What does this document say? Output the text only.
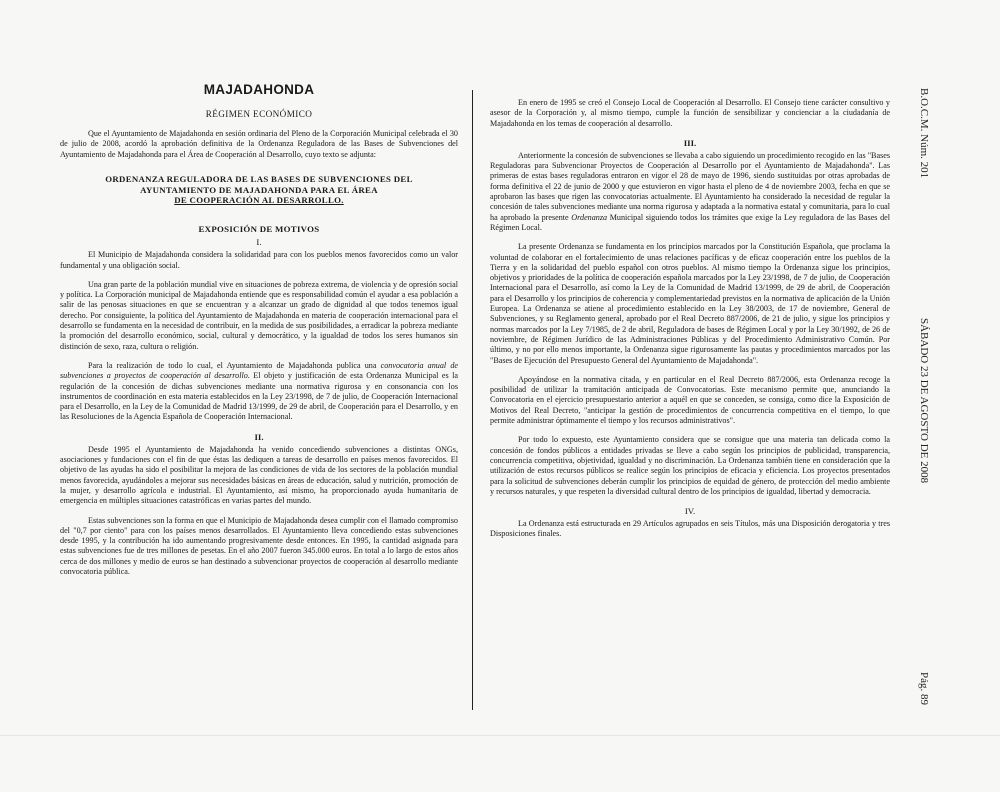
MAJADAHONDA
RÉGIMEN ECONÓMICO

Que el Ayuntamiento de Majadahonda en sesión ordinaria del Pleno de la Corporación Municipal celebrada el 30 de julio de 2008, acordó la aprobación definitiva de la Ordenanza Reguladora de las Bases de Subvenciones del Ayuntamiento de Majadahonda para el Área de Cooperación al Desarrollo, cuyo texto se adjunta:

ORDENANZA REGULADORA DE LAS BASES DE SUBVENCIONES DEL
AYUNTAMIENTO DE MAJADAHONDA PARA EL ÁREA
DE COOPERACIÓN AL DESARROLLO.
EXPOSICIÓN DE MOTIVOS
I.

El Municipio de Majadahonda considera la solidaridad para con los pueblos menos favorecidos como un valor fundamental y una obligación social.

Una gran parte de la población mundial vive en situaciones de pobreza extrema, de violencia y de opresión social y política. La Corporación municipal de Majadahonda entiende que es responsabilidad común el ayudar a esa población a salir de las penosas situaciones en que se encuentran y a alcanzar un grado de dignidad al que todos tenemos igual derecho. Por consiguiente, la política del Ayuntamiento de Majadahonda en materia de cooperación internacional para el desarrollo se fundamenta en la necesidad de contribuir, en la medida de sus posibilidades, a erradicar la pobreza mediante la promoción del desarrollo económico, social, cultural y democrático, y la igualdad de todos los seres humanos sin distinción de sexo, raza, cultura o religión.

Para la realización de todo lo cual, el Ayuntamiento de Majadahonda publica una convocatoria anual de subvenciones a proyectos de cooperación al desarrollo. El objeto y justificación de esta Ordenanza Municipal es la regulación de la concesión de dichas subvenciones mediante una normativa rigurosa y en consonancia con los instrumentos de coordinación en esta materia establecidos en la Ley 23/1998, de 7 de julio, de Cooperación Internacional para el Desarrollo, en la Ley de la Comunidad de Madrid 13/1999, de 29 de abril, de Cooperación para el Desarrollo, y en las Resoluciones de la Agencia Española de Cooperación Internacional.

II.

Desde 1995 el Ayuntamiento de Majadahonda ha venido concediendo subvenciones a distintas ONGs, asociaciones y fundaciones con el fin de que éstas las dediquen a tareas de desarrollo en países menos favorecidos. El objetivo de las ayudas ha sido el posibilitar la mejora de las condiciones de vida de los sectores de la población mundial menos favorecida, ayudándoles a mejorar sus necesidades básicas en áreas de educación, salud y nutrición, promoción de la mujer, y desarrollo agrícola e industrial. El Ayuntamiento, así mismo, ha proporcionado ayuda humanitaria de emergencia en múltiples situaciones catastróficas en varias partes del mundo.

Estas subvenciones son la forma en que el Municipio de Majadahonda desea cumplir con el llamado compromiso del "0,7 por ciento" para con los países menos desarrollados. El Ayuntamiento lleva concediendo estas subvenciones desde 1995, y la contribución ha ido aumentando progresivamente desde entonces. En 1995, la cantidad asignada para estas subvenciones fue de tres millones de pesetas. En el año 2007 fueron 345.000 euros. En total a lo largo de estos años cerca de dos millones y medio de euros se han destinado a subvencionar proyectos de cooperación al desarrollo mediante convocatoria pública.

En enero de 1995 se creó el Consejo Local de Cooperación al Desarrollo. El Consejo tiene carácter consultivo y asesor de la Corporación y, al mismo tiempo, cumple la función de sensibilizar y concienciar a la ciudadanía de Majadahonda en los temas de cooperación al desarrollo.

III.

Anteriormente la concesión de subvenciones se llevaba a cabo siguiendo un procedimiento recogido en las "Bases Reguladoras para Subvencionar Proyectos de Cooperación al Desarrollo por el Ayuntamiento de Majadahonda". Las primeras de estas bases reguladoras entraron en vigor el 28 de mayo de 1996, siendo sustituidas por otras aprobadas de forma definitiva el 22 de junio de 2000 y que estuvieron en vigor hasta el pleno de 4 de noviembre 2003, fecha en que se aprobaron las bases que rigen las convocatorias actualmente. El Ayuntamiento ha considerado la necesidad de regular la concesión de tales subvenciones mediante una norma rigurosa y adaptada a la normativa estatal y comunitaria, para lo cual ha aprobado la presente Ordenanza Municipal siguiendo todos los trámites que exige la Ley reguladora de las Bases del Régimen Local.

La presente Ordenanza se fundamenta en los principios marcados por la Constitución Española, que proclama la voluntad de colaborar en el fortalecimiento de unas relaciones pacíficas y de eficaz cooperación entre los pueblos de la Tierra y en la solidaridad del pueblo español con otros pueblos. Al mismo tiempo la Ordenanza sigue los principios, objetivos y prioridades de la política de cooperación española marcados por la Ley 23/1998, de 7 de julio, de Cooperación Internacional para el Desarrollo, así como la Ley de la Comunidad de Madrid 13/1999, de 29 de abril, de Cooperación para el Desarrollo y los principios de coherencia y complementariedad previstos en la normativa de aplicación de la Unión Europea. La Ordenanza se atiene al procedimiento establecido en la Ley 38/2003, de 17 de noviembre, General de Subvenciones, y su Reglamento general, aprobado por el Real Decreto 887/2006, de 21 de julio, y sigue los principios y normas marcados por la Ley 7/1985, de 2 de abril, Reguladora de bases de Régimen Local y por la Ley 30/1992, de 26 de noviembre, de Régimen Jurídico de las Administraciones Públicas y del Procedimiento Administrativo Común. Por último, y no por ello menos importante, la Ordenanza sigue rigurosamente las pautas y procedimientos marcados por las "Bases de Ejecución del Presupuesto General del Ayuntamiento de Majadahonda".

Apoyándose en la normativa citada, y en particular en el Real Decreto 887/2006, esta Ordenanza recoge la posibilidad de utilizar la tramitación anticipada de Convocatorias. Este mecanismo permite que, anunciando la Convocatoria en el ejercicio presupuestario anterior a aquél en que se conceden, se consiga, como dice la Exposición de Motivos del Real Decreto, "anticipar la gestión de procedimientos de concurrencia competitiva en el tiempo, lo que permite administrar óptimamente el tiempo y los recursos administrativos".

Por todo lo expuesto, este Ayuntamiento considera que se consigue que una materia tan delicada como la concesión de fondos públicos a entidades privadas se lleve a cabo según los principios de publicidad, transparencia, concurrencia competitiva, objetividad, igualdad y no discriminación. La Ordenanza también tiene en consideración que la utilización de estos recursos públicos se realice según los principios de eficacia y eficiencia. Los proyectos presentados para la solicitud de subvenciones deberán cumplir los principios de equidad de género, de protección del medio ambiente y recursos naturales, y que respeten la diversidad cultural dentro de los principios de igualdad, libertad y democracia.

IV.

La Ordenanza está estructurada en 29 Artículos agrupados en seis Títulos, más una Disposición derogatoria y tres Disposiciones finales.

B.O.C.M. Núm. 201
SÁBADO 23 DE AGOSTO DE 2008
Pág. 89
